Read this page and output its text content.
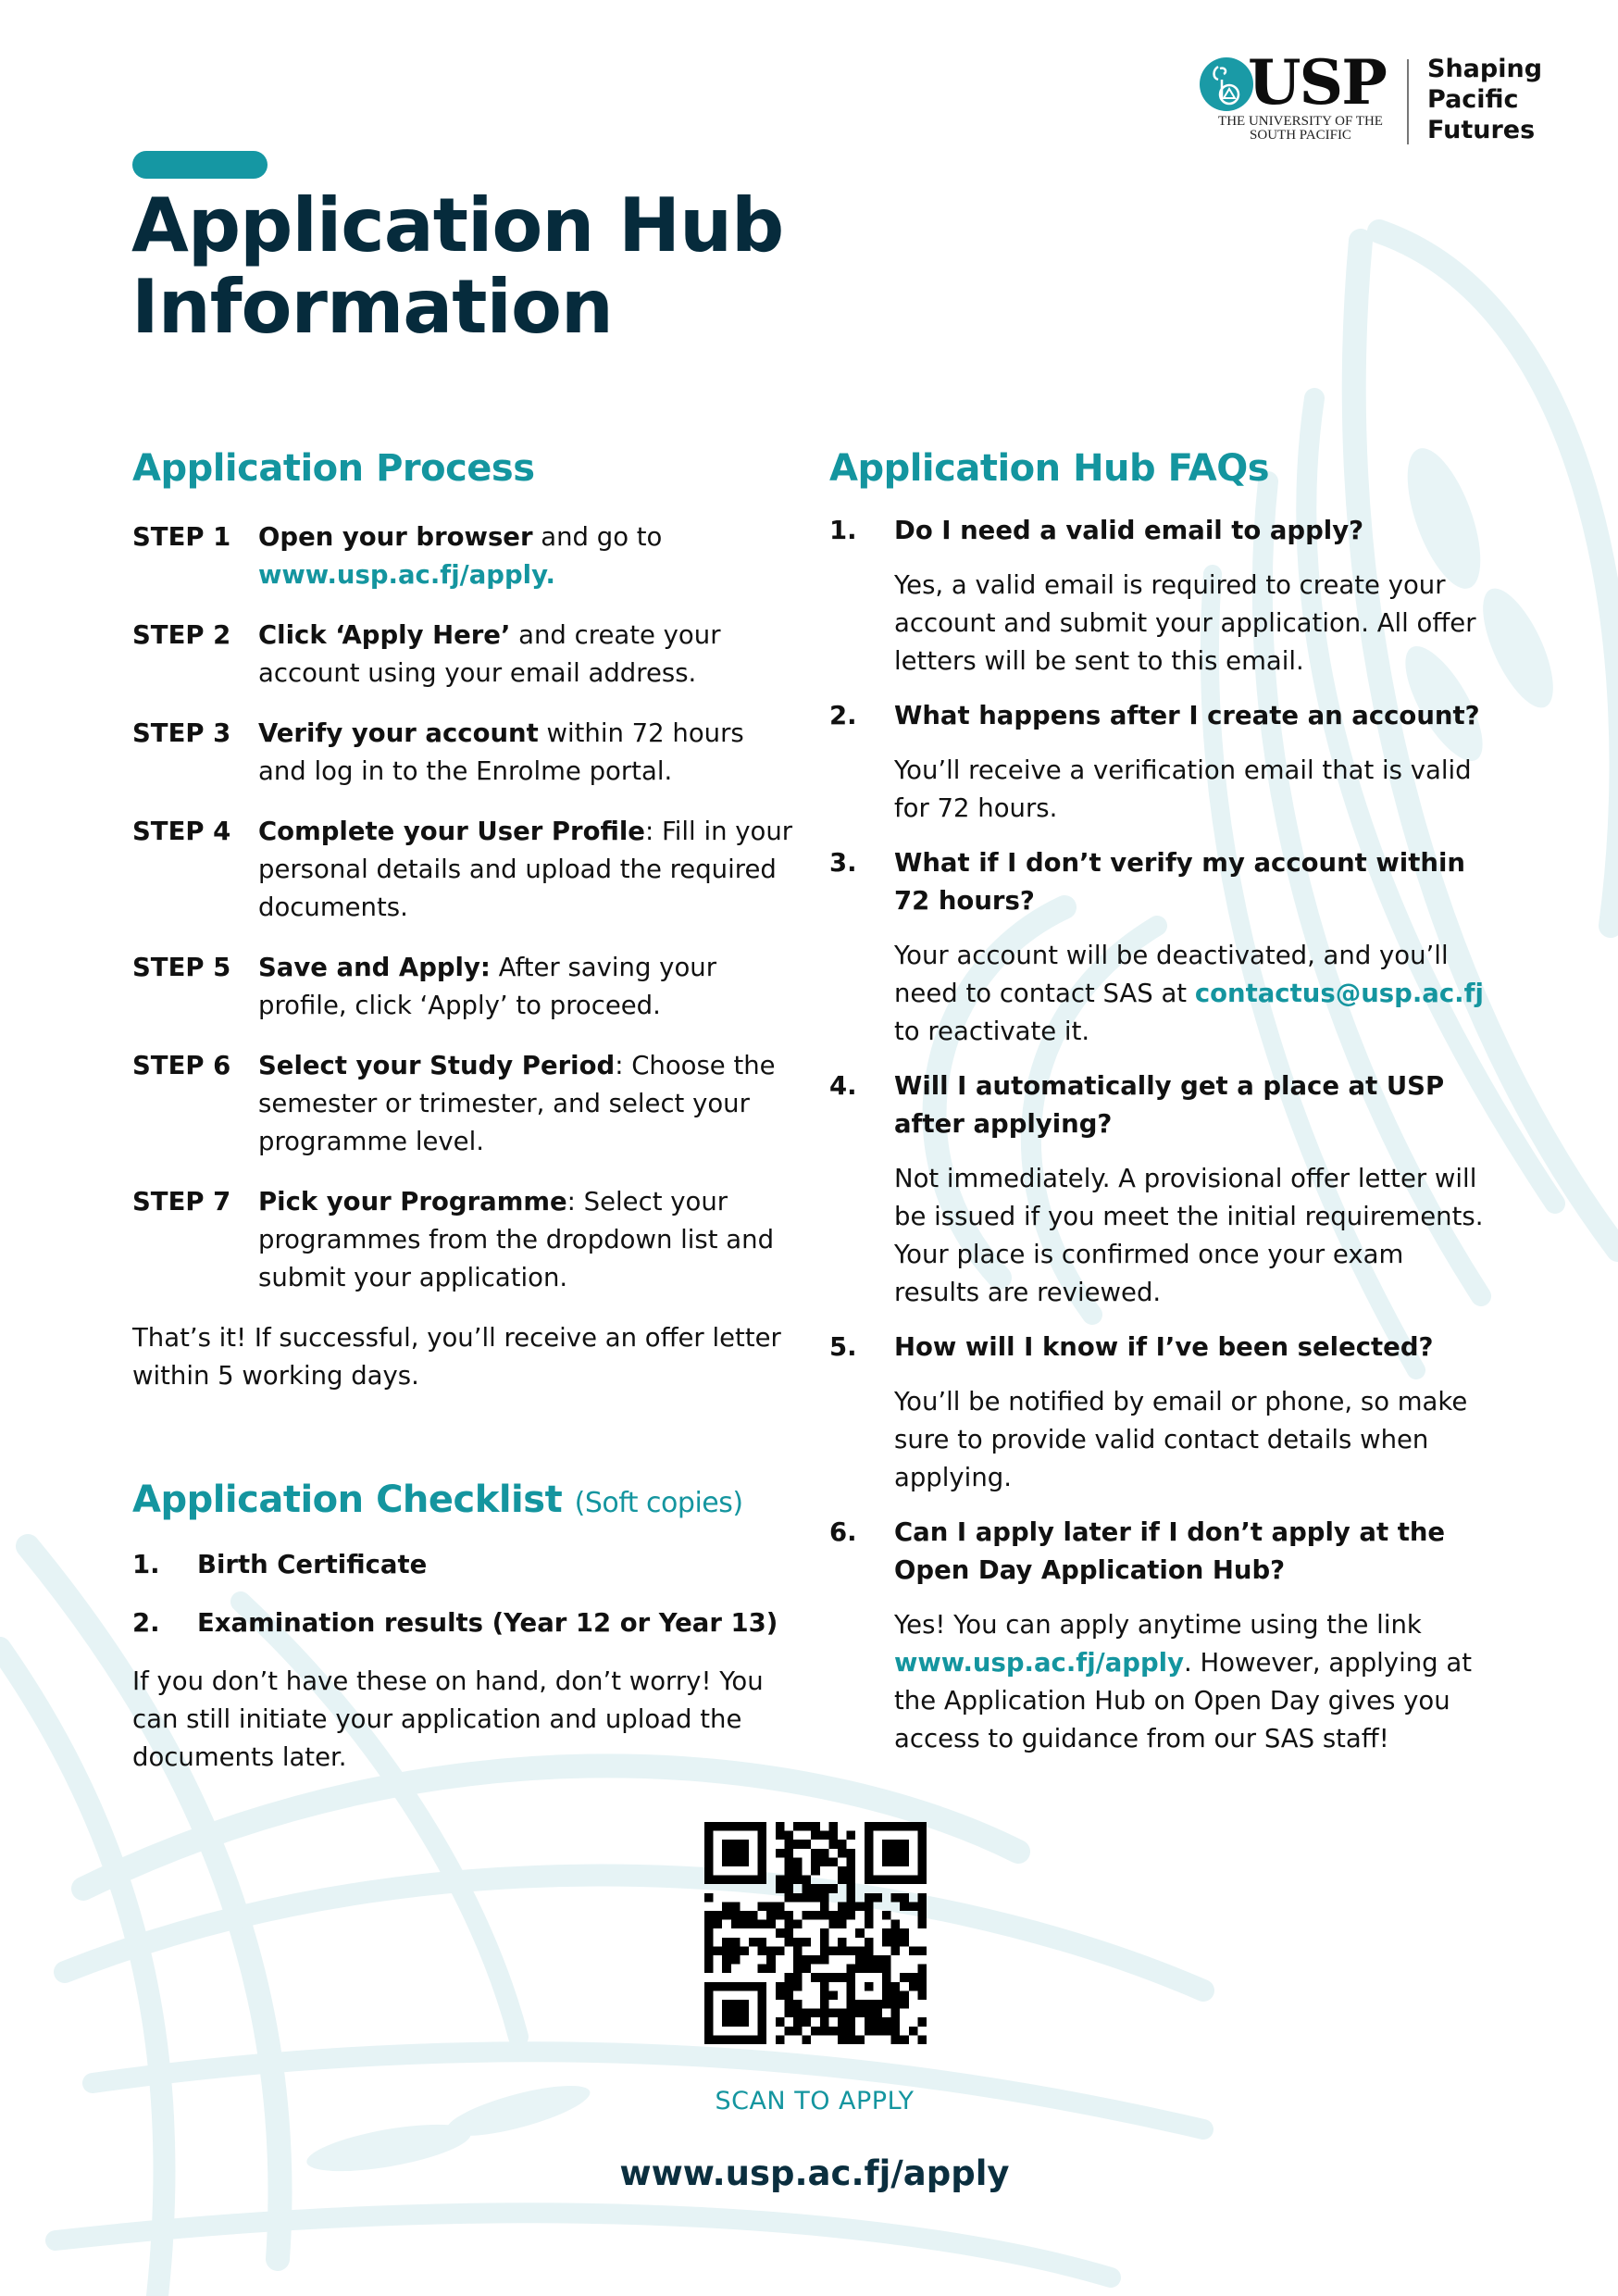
USP
THE UNIVERSITY OF THE
SOUTH PACIFIC
Shaping
Pacific
Futures
Application Hub
Information
Application Process
STEP 1	Open your browser and go to
www.usp.ac.fj/apply.
STEP 2	Click ‘Apply Here’ and create your account using your email address.
STEP 3	Verify your account within 72 hours and log in to the Enrolme portal.
STEP 4	Complete your User Profile: Fill in your personal details and upload the required documents.
STEP 5	Save and Apply: After saving your profile, click ‘Apply’ to proceed.
STEP 6	Select your Study Period: Choose the semester or trimester, and select your programme level.
STEP 7	Pick your Programme: Select your programmes from the dropdown list and submit your application.
That’s it! If successful, you’ll receive an offer letter within 5 working days.
Application Checklist (Soft copies)
1.	Birth Certificate
2.	Examination results (Year 12 or Year 13)
If you don’t have these on hand, don’t worry! You can still initiate your application and upload the documents later.
Application Hub FAQs
1.	Do I need a valid email to apply?
Yes, a valid email is required to create your account and submit your application. All offer letters will be sent to this email.
2.	What happens after I create an account?
You’ll receive a verification email that is valid for 72 hours.
3.	What if I don’t verify my account within 72 hours?
Your account will be deactivated, and you’ll need to contact SAS at contactus@usp.ac.fj to reactivate it.
4.	Will I automatically get a place at USP after applying?
Not immediately. A provisional offer letter will be issued if you meet the initial requirements. Your place is confirmed once your exam results are reviewed.
5.	How will I know if I’ve been selected?
You’ll be notified by email or phone, so make sure to provide valid contact details when applying.
6.	Can I apply later if I don’t apply at the Open Day Application Hub?
Yes! You can apply anytime using the link www.usp.ac.fj/apply. However, applying at the Application Hub on Open Day gives you access to guidance from our SAS staff!
SCAN TO APPLY
www.usp.ac.fj/apply
